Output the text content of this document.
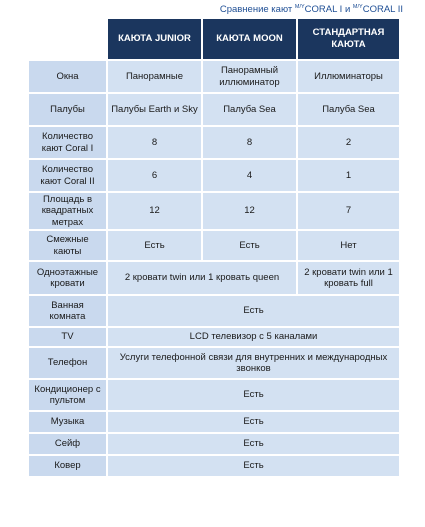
Сравнение кают $^{M/Y}$CORAL I и $^{M/Y}$CORAL II
	КАЮТА JUNIOR	КАЮТА MOON	СТАНДАРТНАЯ КАЮТА
Окна	Панорамные	Панорамный иллюминатор	Иллюминаторы
Палубы	Палубы Earth и Sky	Палуба Sea	Палуба Sea
Количество кают Coral I	8	8	2
Количество кают Coral II	6	4	1
Площадь в квадратных метрах	12	12	7
Смежные каюты	Есть	Есть	Нет
Одноэтажные кровати	2 кровати twin или 1 кровать queen		2 кровати twin или 1 кровать full
Ванная комната	Есть		
TV	LCD телевизор с 5 каналами		
Телефон	Услуги телефонной связи для внутренних и международных звонков		
Кондиционер с пультом	Есть		
Музыка	Есть		
Сейф	Есть		
Ковер	Есть		
